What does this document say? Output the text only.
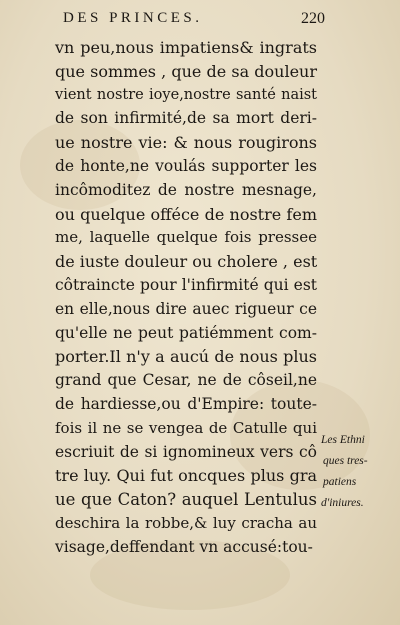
DES PRINCES.	220
vn peu,nous impatiens& ingrats
que sommes , que de sa douleur
vient nostre ioye,nostre santé naist
de son infirmité,de sa mort deri-
ue nostre vie: & nous rougirons
de honte,ne voulás supporter les
incômoditez de nostre mesnage,
ou quelque offéce de nostre fem
me, laquelle quelque fois pressee
de iuste douleur ou cholere , est
côtraincte pour l'infirmité qui est
en elle,nous dire auec rigueur ce
qu'elle ne peut patiémment com-
porter.Il n'y a aucú de nous plus
grand que Cesar, ne de côseil,ne
de hardiesse,ou d'Empire: toute-
fois il ne se vengea de Catulle qui
escriuit de si ignomineux vers cô
tre luy. Qui fut oncques plus gra
ue que Caton? auquel Lentulus
deschira la robbe,& luy cracha au
visage,deffendant vn accusé:tou-
Les Ethni
ques tres-
patiens
d'iniures.
